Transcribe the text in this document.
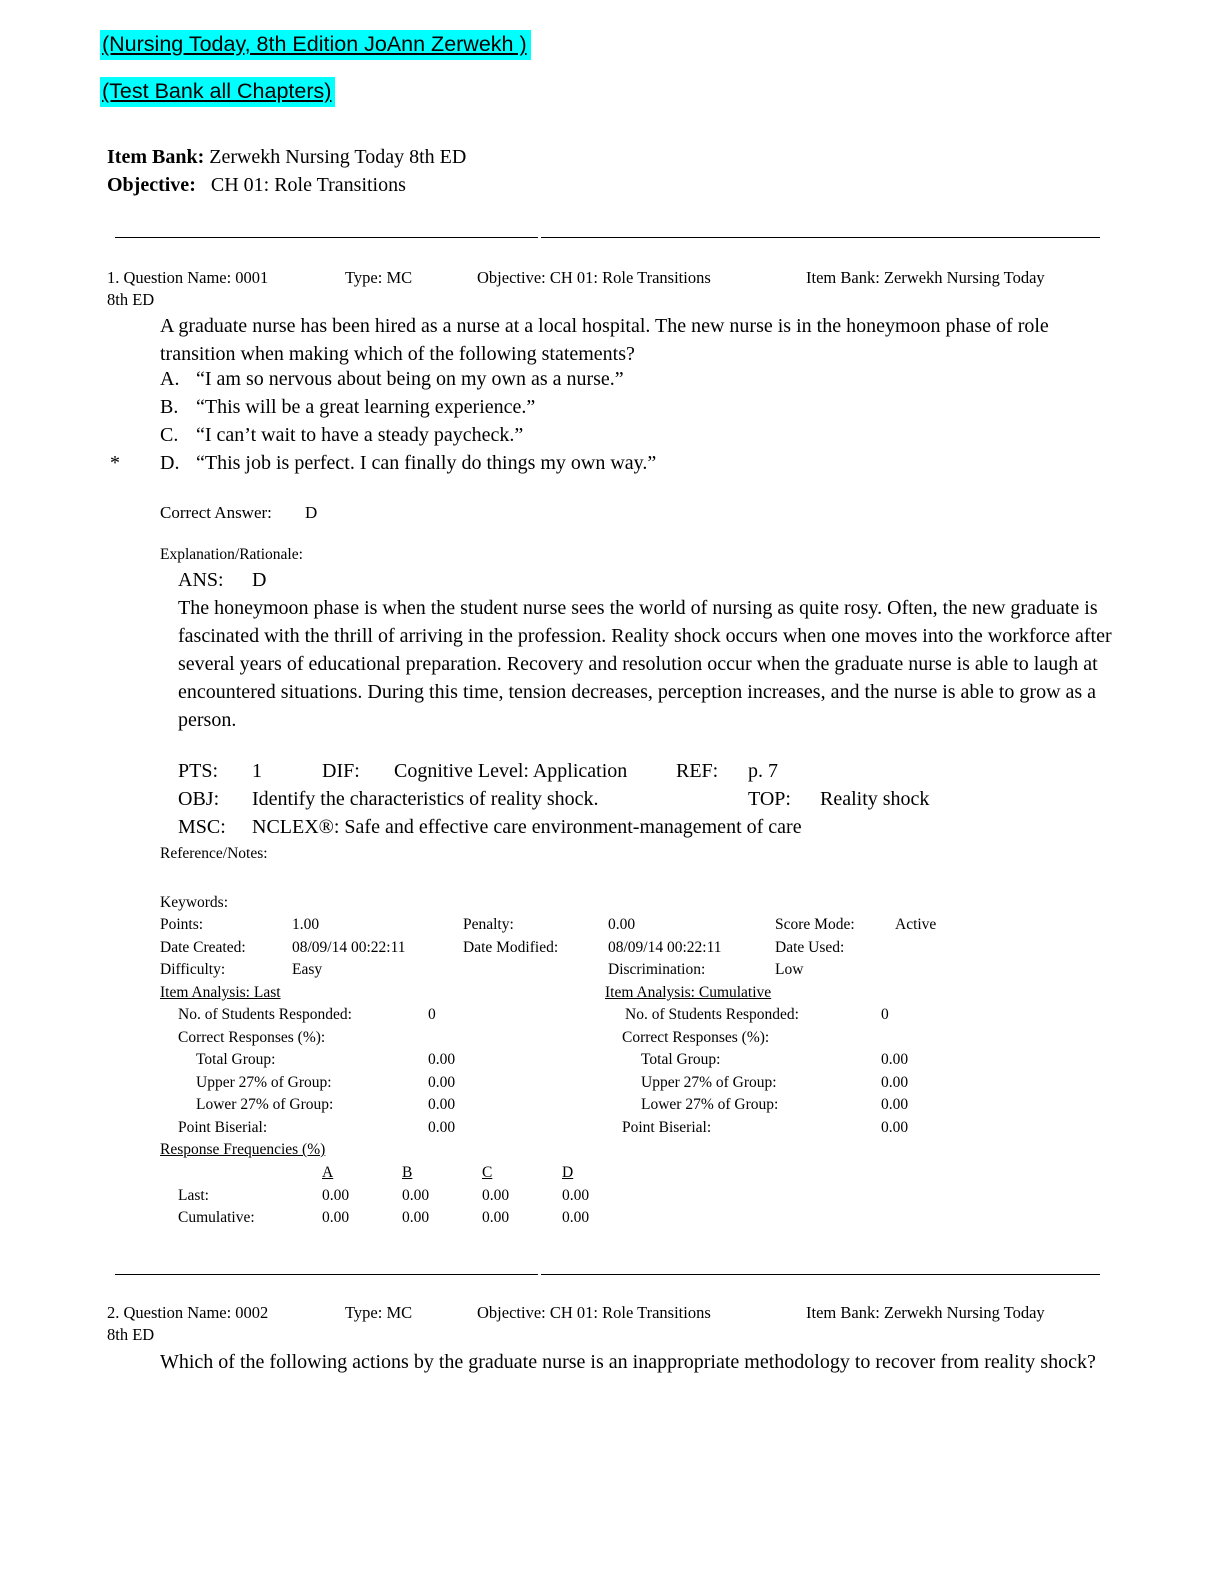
(Nursing Today, 8th Edition JoAnn Zerwekh )
(Test Bank all Chapters)
Item Bank: Zerwekh Nursing Today 8th ED
Objective: CH 01: Role Transitions
1. Question Name: 0001	Type: MC	Objective: CH 01: Role Transitions	Item Bank: Zerwekh Nursing Today
8th ED
A graduate nurse has been hired as a nurse at a local hospital. The new nurse is in the honeymoon phase of role transition when making which of the following statements?
A. “I am so nervous about being on my own as a nurse.”
B. “This will be a great learning experience.”
C. “I can’t wait to have a steady paycheck.”
* D. “This job is perfect. I can finally do things my own way.”
Correct Answer: D
Explanation/Rationale:
ANS: D
The honeymoon phase is when the student nurse sees the world of nursing as quite rosy. Often, the new graduate is fascinated with the thrill of arriving in the profession. Reality shock occurs when one moves into the workforce after several years of educational preparation. Recovery and resolution occur when the graduate nurse is able to laugh at encountered situations. During this time, tension decreases, perception increases, and the nurse is able to grow as a person.
PTS: 1	DIF: Cognitive Level: Application REF: p. 7
OBJ: Identify the characteristics of reality shock.	TOP: Reality shock
MSC: NCLEX®: Safe and effective care environment-management of care
Reference/Notes:
Keywords:
Points:	1.00	Penalty:	0.00	Score Mode:	Active
Date Created:	08/09/14 00:22:11	Date Modified:	08/09/14 00:22:11	Date Used:
Difficulty:	Easy	Discrimination:	Low
Item Analysis: Last	Item Analysis: Cumulative
No. of Students Responded:	0	No. of Students Responded:	0
Correct Responses (%):	Correct Responses (%):
Total Group:	0.00	Total Group:	0.00
Upper 27% of Group:	0.00	Upper 27% of Group:	0.00
Lower 27% of Group:	0.00	Lower 27% of Group:	0.00
Point Biserial:	0.00	Point Biserial:	0.00
Response Frequencies (%)
A	B	C	D
Last:	0.00	0.00	0.00	0.00
Cumulative:	0.00	0.00	0.00	0.00
2. Question Name: 0002	Type: MC	Objective: CH 01: Role Transitions	Item Bank: Zerwekh Nursing Today
8th ED
Which of the following actions by the graduate nurse is an inappropriate methodology to recover from reality shock?
